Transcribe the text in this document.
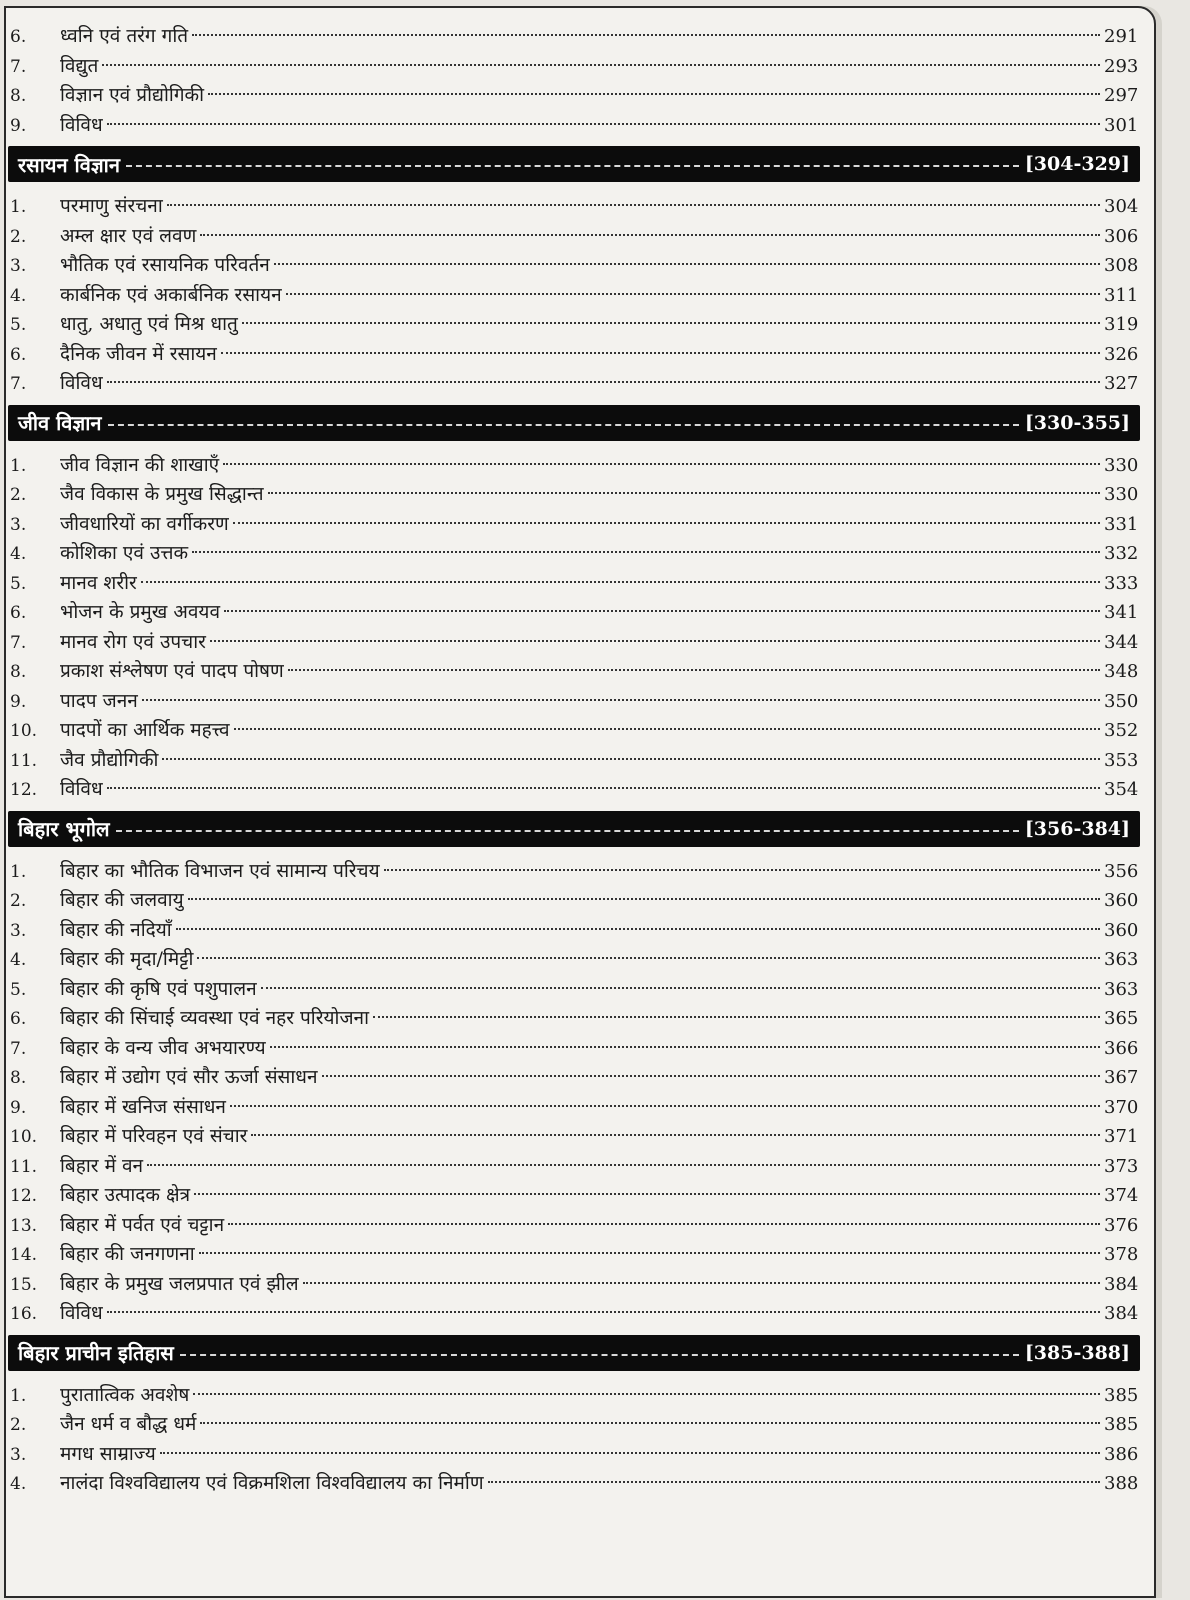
6.	ध्वनि एवं तरंग गति	291
7.	विद्युत	293
8.	विज्ञान एवं प्रौद्योगिकी	297
9.	विविध	301
रसायन विज्ञान	[304-329]
1.	परमाणु संरचना	304
2.	अम्ल क्षार एवं लवण	306
3.	भौतिक एवं रसायनिक परिवर्तन	308
4.	कार्बनिक एवं अकार्बनिक रसायन	311
5.	धातु, अधातु एवं मिश्र धातु	319
6.	दैनिक जीवन में रसायन	326
7.	विविध	327
जीव विज्ञान	[330-355]
1.	जीव विज्ञान की शाखाएँ	330
2.	जैव विकास के प्रमुख सिद्धान्त	330
3.	जीवधारियों का वर्गीकरण	331
4.	कोशिका एवं उत्तक	332
5.	मानव शरीर	333
6.	भोजन के प्रमुख अवयव	341
7.	मानव रोग एवं उपचार	344
8.	प्रकाश संश्लेषण एवं पादप पोषण	348
9.	पादप जनन	350
10.	पादपों का आर्थिक महत्त्व	352
11.	जैव प्रौद्योगिकी	353
12.	विविध	354
बिहार भूगोल	[356-384]
1.	बिहार का भौतिक विभाजन एवं सामान्य परिचय	356
2.	बिहार की जलवायु	360
3.	बिहार की नदियाँ	360
4.	बिहार की मृदा/मिट्टी	363
5.	बिहार की कृषि एवं पशुपालन	363
6.	बिहार की सिंचाई व्यवस्था एवं नहर परियोजना	365
7.	बिहार के वन्य जीव अभयारण्य	366
8.	बिहार में उद्योग एवं सौर ऊर्जा संसाधन	367
9.	बिहार में खनिज संसाधन	370
10.	बिहार में परिवहन एवं संचार	371
11.	बिहार में वन	373
12.	बिहार उत्पादक क्षेत्र	374
13.	बिहार में पर्वत एवं चट्टान	376
14.	बिहार की जनगणना	378
15.	बिहार के प्रमुख जलप्रपात एवं झील	384
16.	विविध	384
बिहार प्राचीन इतिहास	[385-388]
1.	पुरातात्विक अवशेष	385
2.	जैन धर्म व बौद्ध धर्म	385
3.	मगध साम्राज्य	386
4.	नालंदा विश्वविद्यालय एवं विक्रमशिला विश्वविद्यालय का निर्माण	388
